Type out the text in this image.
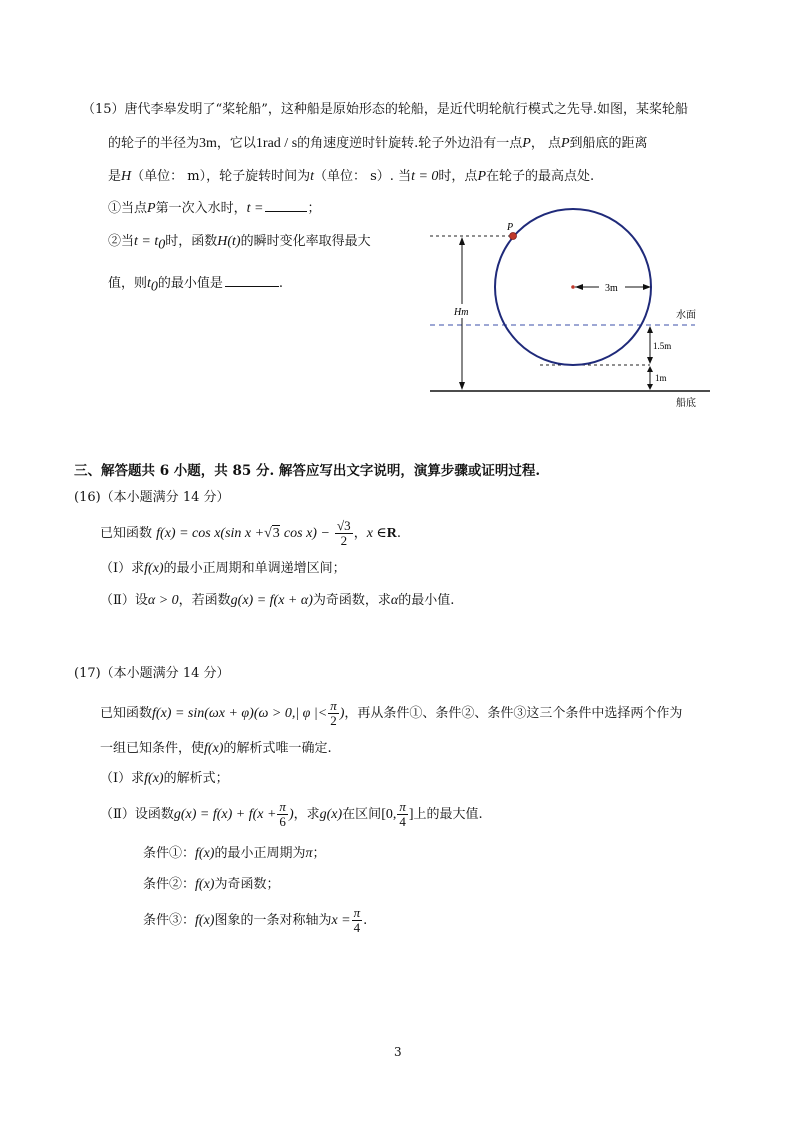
（15）唐代李皋发明了“桨轮船”，这种船是原始形态的轮船，是近代明轮航行模式之先导.如图，某桨轮船
的轮子的半径为3m，它以1rad / s的角速度逆时针旋转.轮子外边沿有一点P， 点P到船底的距离
是H（单位： m），轮子旋转时间为t（单位： s）. 当t = 0时，点P在轮子的最高点处.
①当点P第一次入水时，t =	；
②当$t = t_0$时，函数H(t)的瞬时变化率取得最大
值，则$t_0$的最小值是	.	3m
P
Hm
1.5m
1m
水面
船底
三、解答题共 6 小题，共 85 分. 解答应写出文字说明，演算步骤或证明过程.
(16)（本小题满分 14 分）
已知函数 f(x) = cos x(sin x +√3 $\cos x) - \frac{√3}{2}$ ，x ∈R.
（Ⅰ）求f(x)的最小正周期和单调递增区间；
（Ⅱ）设α > 0，若函数g(x) = f(x + α)为奇函数，求α的最小值.
(17)（本小题满分 14 分）
已知函数f(x) = sin(ωx + φ)(ω > 0,| φ |< $\frac{\pi}{2}$ )，再从条件①、条件②、条件③这三个条件中选择两个作为
一组已知条件，使f(x)的解析式唯一确定.
（Ⅰ）求f(x)的解析式；
（Ⅱ）设函数$g(x) = f(x) + f(x + \frac{\pi}{6}$ )，求g(x)在区间[0, $\frac{\pi}{4}$ ]上的最大值.
条件①：f(x)的最小正周期为π；
条件②：f(x)为奇函数；
条件③：f(x)图象的一条对称轴为$x = \frac{\pi}{4}$ .
3
